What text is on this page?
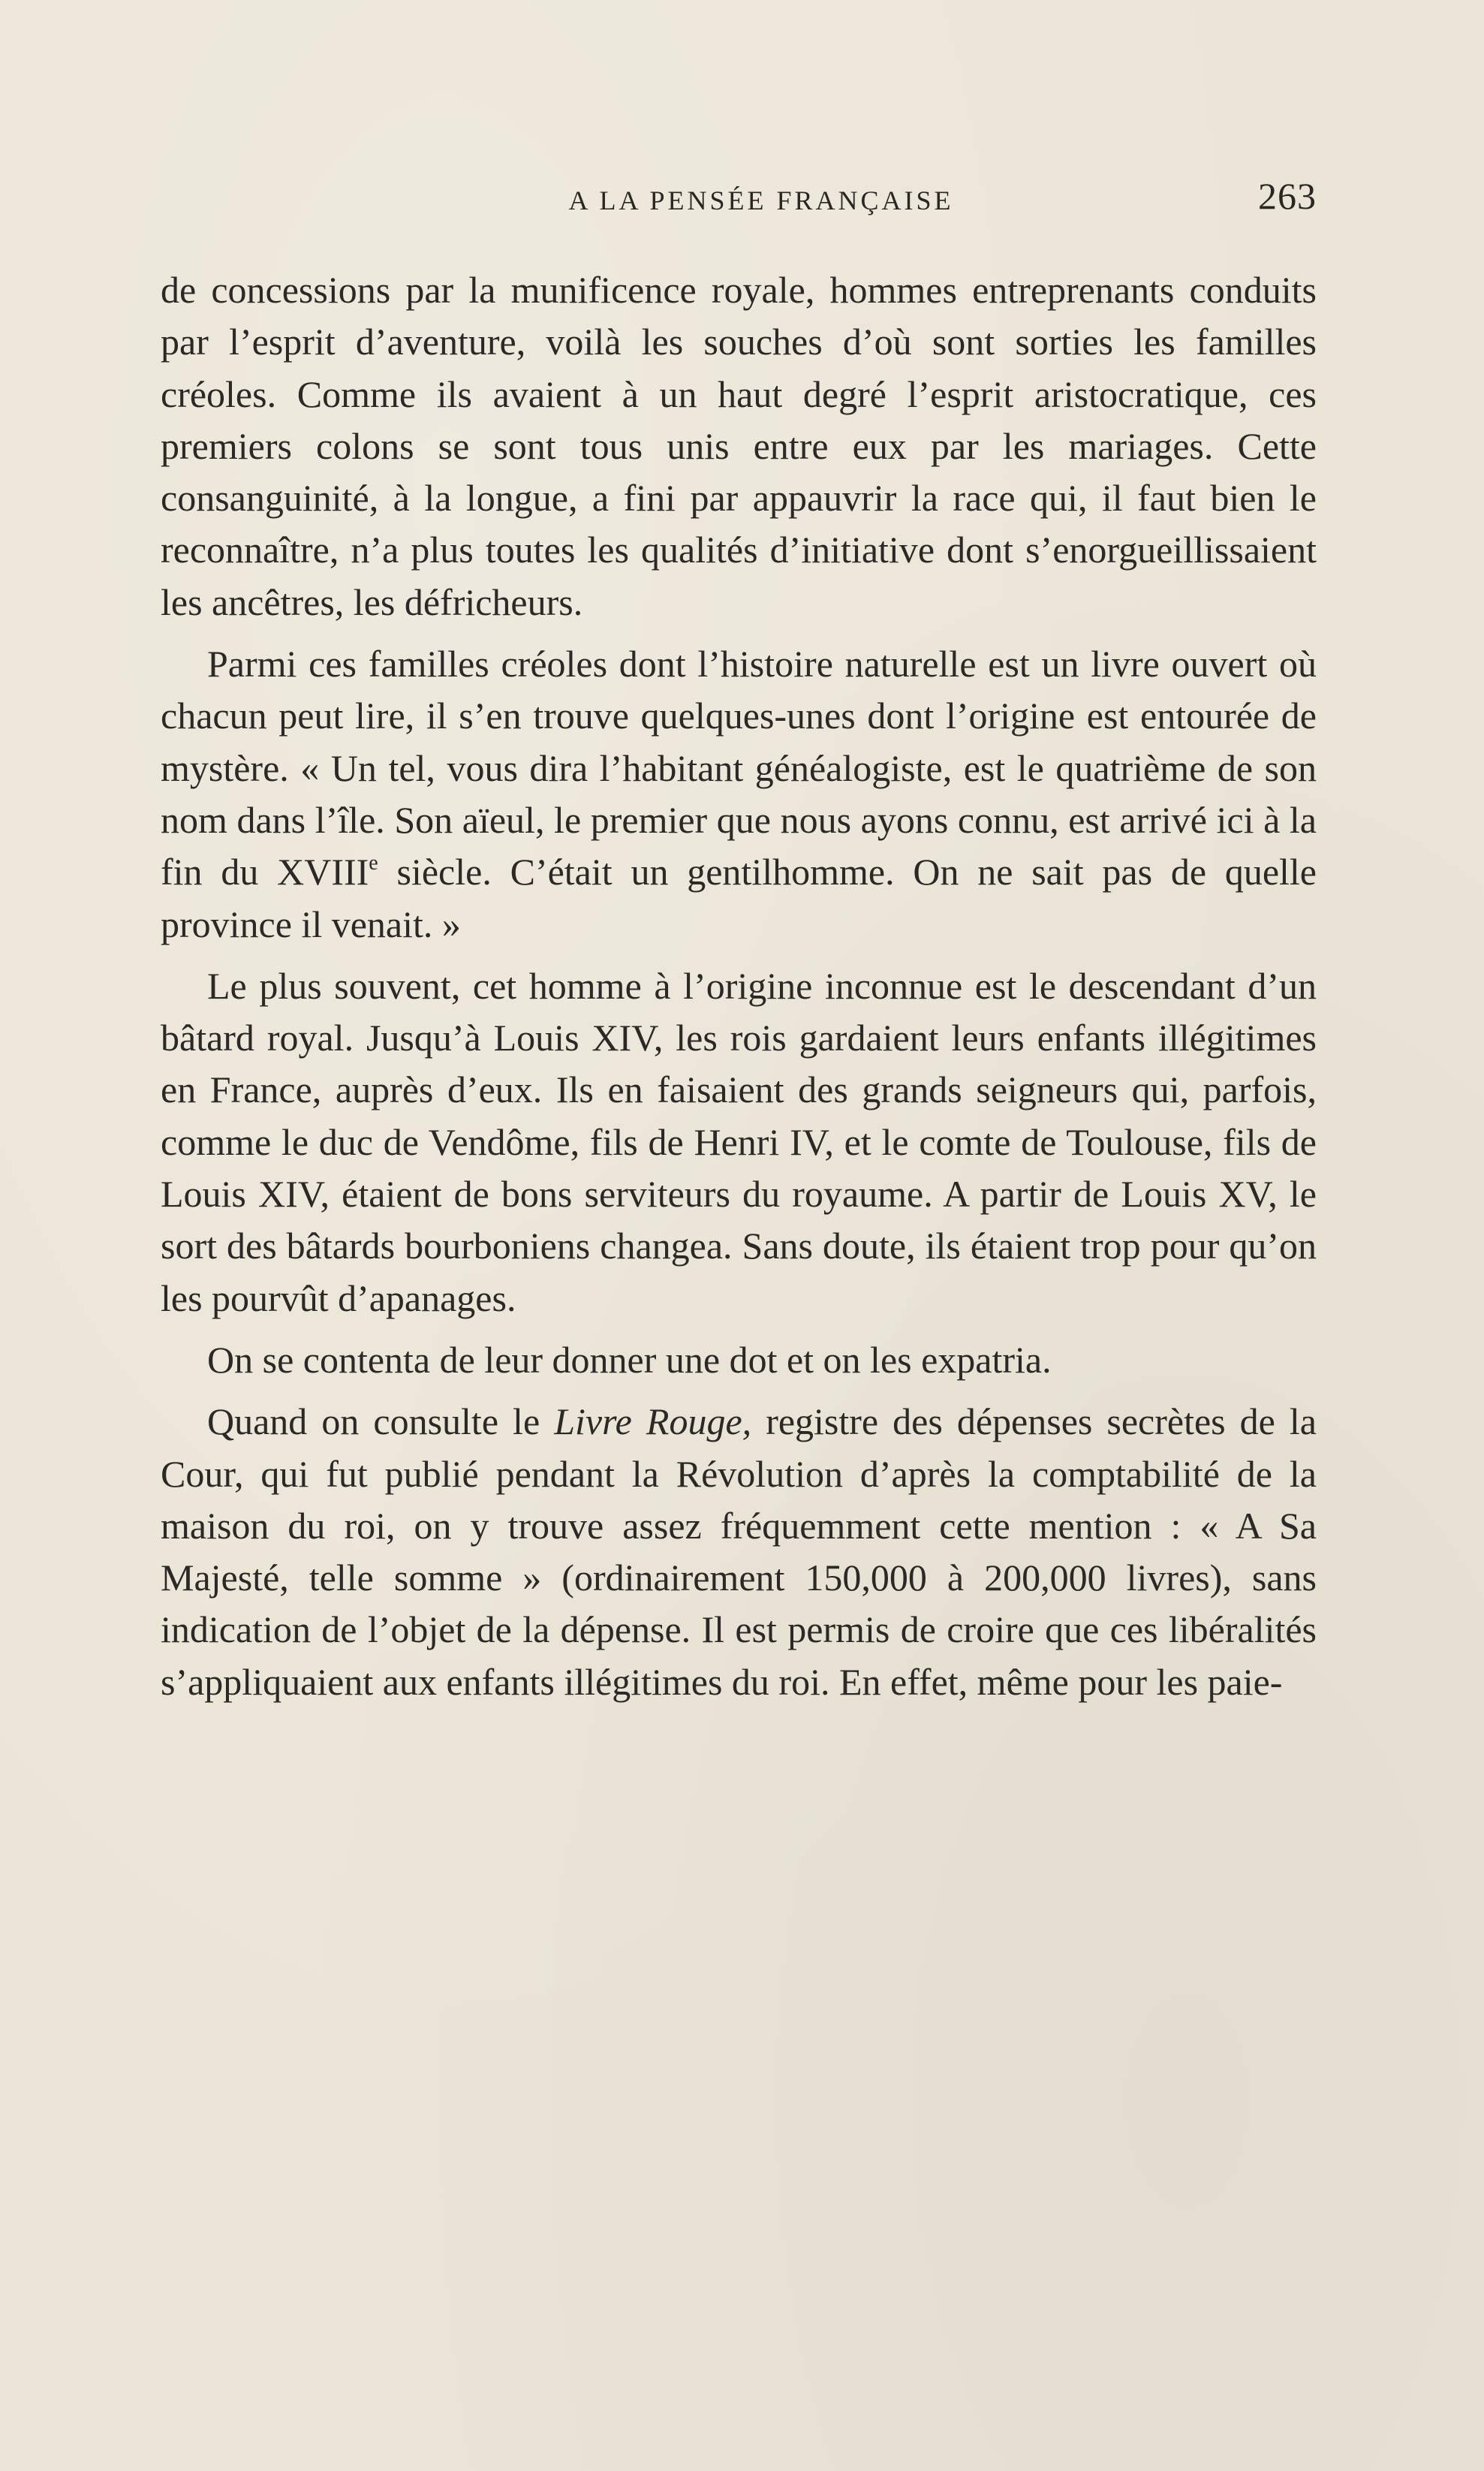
A LA PENSÉE FRANÇAISE	263

de concessions par la munificence royale, hommes entreprenants conduits par l’esprit d’aventure, voilà les souches d’où sont sorties les familles créoles. Comme ils avaient à un haut degré l’esprit aristocratique, ces premiers colons se sont tous unis entre eux par les mariages. Cette consanguinité, à la longue, a fini par appauvrir la race qui, il faut bien le reconnaître, n’a plus toutes les qualités d’initiative dont s’enorgueillissaient les ancêtres, les défricheurs.

Parmi ces familles créoles dont l’histoire naturelle est un livre ouvert où chacun peut lire, il s’en trouve quelques-unes dont l’origine est entourée de mystère. « Un tel, vous dira l’habitant généalogiste, est le quatrième de son nom dans l’île. Son aïeul, le premier que nous ayons connu, est arrivé ici à la fin du XVIIIe siècle. C’était un gentilhomme. On ne sait pas de quelle province il venait. »

Le plus souvent, cet homme à l’origine inconnue est le descendant d’un bâtard royal. Jusqu’à Louis XIV, les rois gardaient leurs enfants illégitimes en France, auprès d’eux. Ils en faisaient des grands seigneurs qui, parfois, comme le duc de Vendôme, fils de Henri IV, et le comte de Toulouse, fils de Louis XIV, étaient de bons serviteurs du royaume. A partir de Louis XV, le sort des bâtards bourboniens changea. Sans doute, ils étaient trop pour qu’on les pourvût d’apanages.

On se contenta de leur donner une dot et on les expatria.

Quand on consulte le Livre Rouge, registre des dépenses secrètes de la Cour, qui fut publié pendant la Révolution d’après la comptabilité de la maison du roi, on y trouve assez fréquemment cette mention : « A Sa Majesté, telle somme » (ordinairement 150,000 à 200,000 livres), sans indication de l’objet de la dépense. Il est permis de croire que ces libéralités s’appliquaient aux enfants illégitimes du roi. En effet, même pour les paie-
